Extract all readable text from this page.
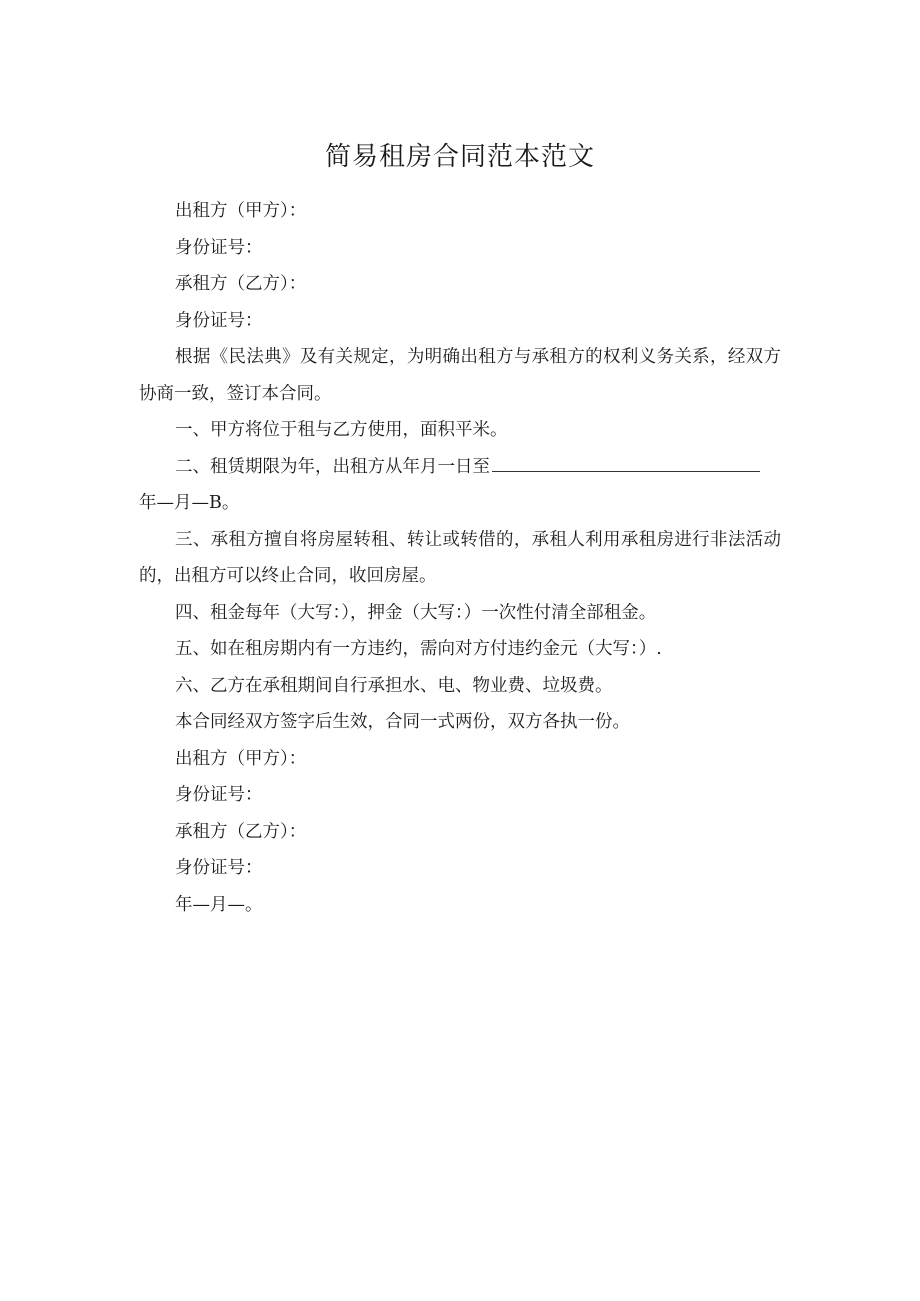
简易租房合同范本范文

出租方（甲方）：

身份证号：

承租方（乙方）：

身份证号：

根据《民法典》及有关规定，为明确出租方与承租方的权利义务关系，经双方协商一致，签订本合同。

一、甲方将位于租与乙方使用，面积平米。

二、租赁期限为年，出租方从年月一日至

年—月—B。

三、承租方擅自将房屋转租、转让或转借的，承租人利用承租房进行非法活动的，出租方可以终止合同，收回房屋。

四、租金每年（大写：），押金（大写：）一次性付清全部租金。

五、如在租房期内有一方违约，需向对方付违约金元（大写：）.

六、乙方在承租期间自行承担水、电、物业费、垃圾费。

本合同经双方签字后生效，合同一式两份，双方各执一份。

出租方（甲方）：

身份证号：

承租方（乙方）：

身份证号：

年—月—。
